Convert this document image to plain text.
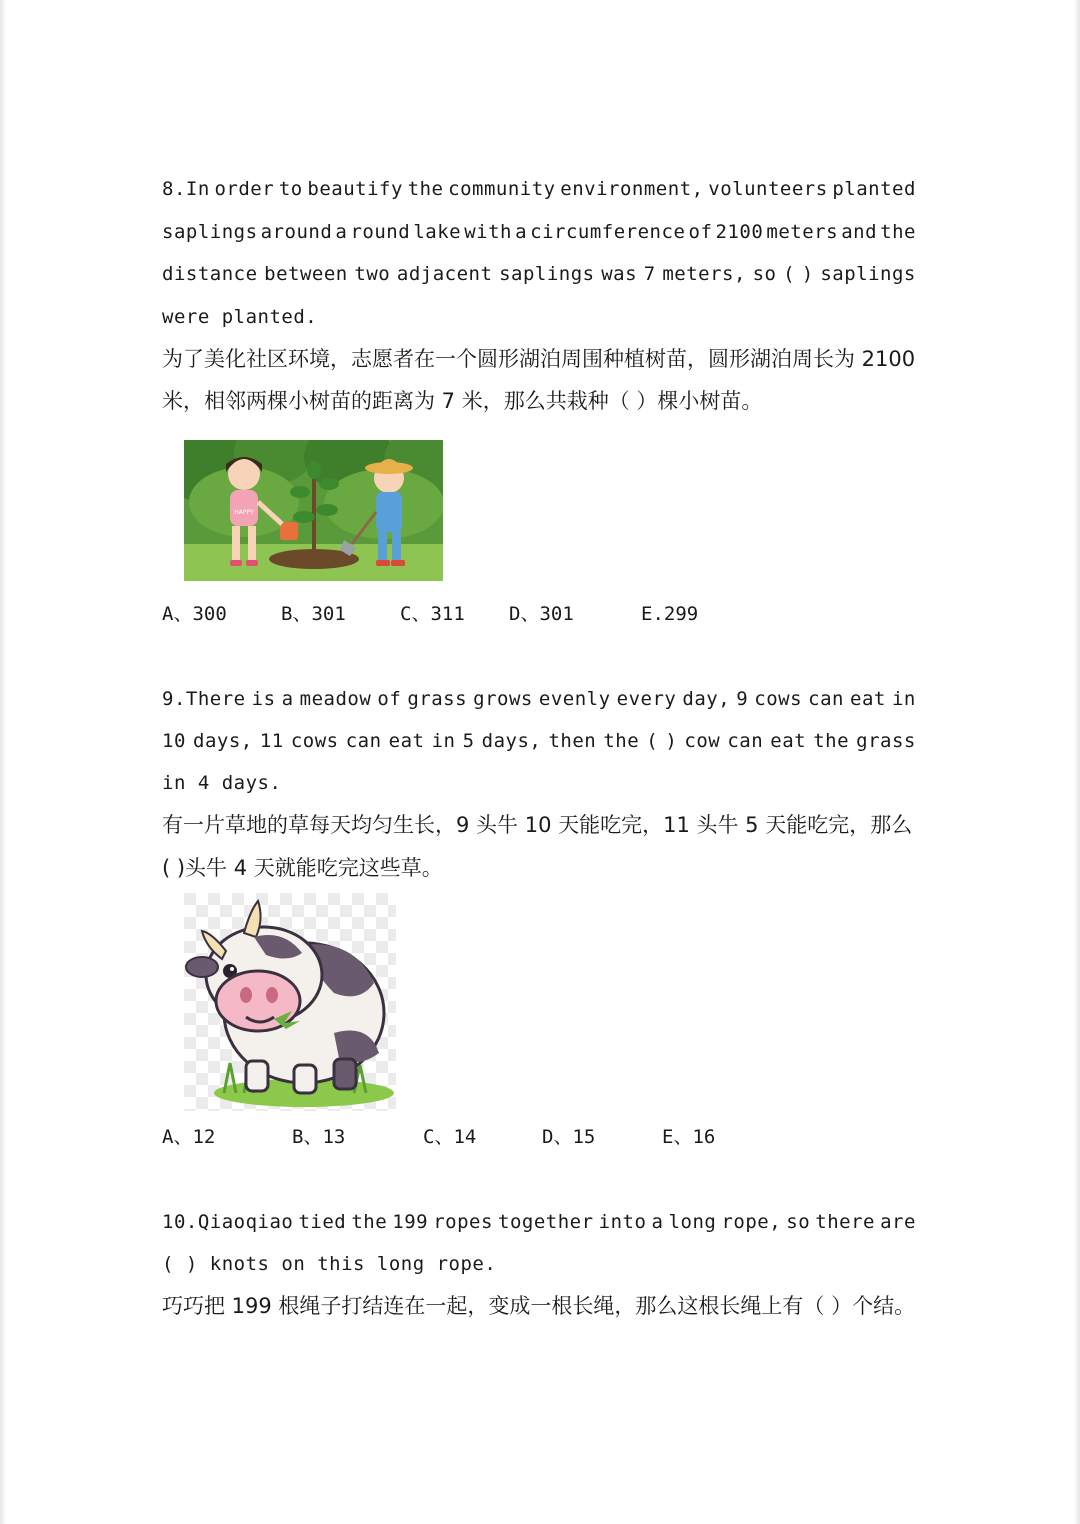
8.In order to beautify the community environment, volunteers planted
saplings around a round lake with a circumference of 2100 meters and the
distance between two adjacent saplings was 7 meters, so ( ) saplings
were planted.
为了美化社区环境，志愿者在一个圆形湖泊周围种植树苗，圆形湖泊周长为 2100
米，相邻两棵小树苗的距离为 7 米，那么共栽种（ ）棵小树苗。
HAPPY
A、300	B、301	C、311 D、301	E.299
9.There is a meadow of grass grows evenly every day, 9 cows can eat in
10 days, 11 cows can eat in 5 days, then the ( ) cow can eat the grass
in 4 days.
有一片草地的草每天均匀生长，9 头牛 10 天能吃完，11 头牛 5 天能吃完，那么
( )头牛 4 天就能吃完这些草。
A、12	B、13	C、14	D、15	E、16
10.Qiaoqiao tied the 199 ropes together into a long rope, so there are
( ) knots on this long rope.
巧巧把 199 根绳子打结连在一起，变成一根长绳，那么这根长绳上有（ ）个结。
